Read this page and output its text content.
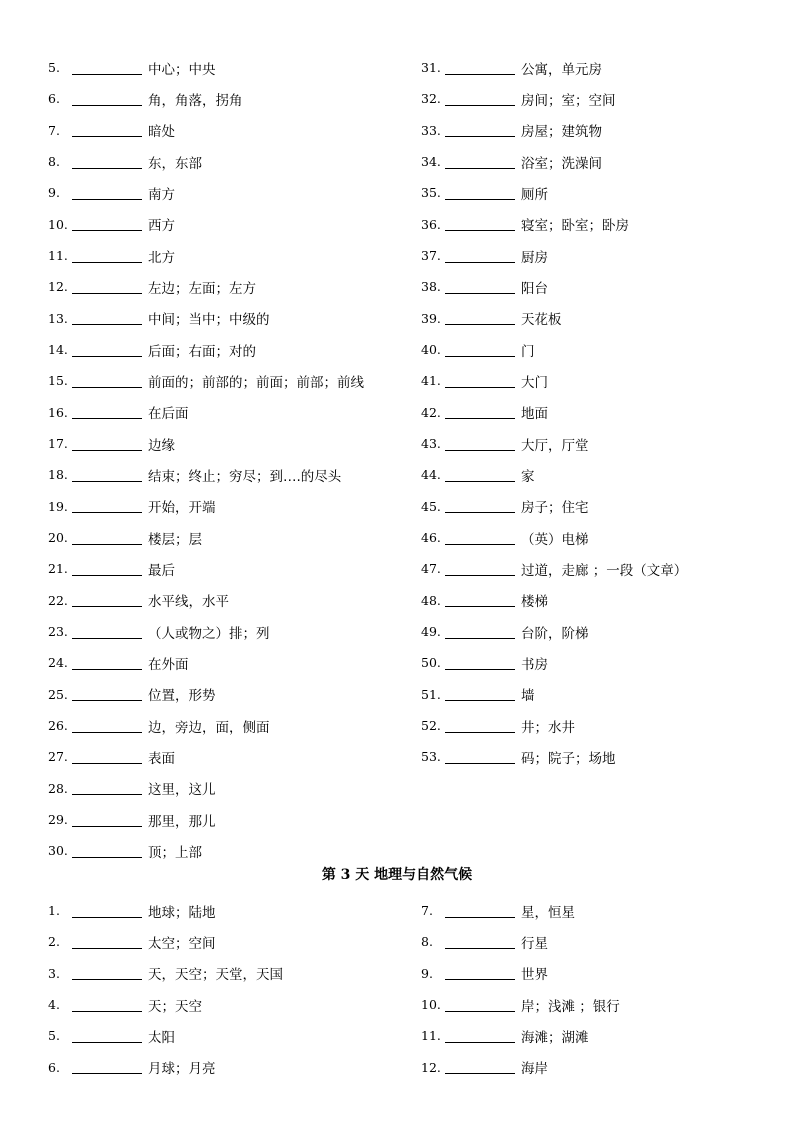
5.	中心；中央
6.	角，角落，拐角
7.	暗处
8.	东，东部
9.	南方
10.	西方
11.	北方
12.	左边；左面；左方
13.	中间；当中；中级的
14.	后面；右面；对的
15.	前面的；前部的；前面；前部；前线
16.	在后面
17.	边缘
18.	结束；终止；穷尽；到….的尽头
19.	开始，开端
20.	楼层；层
21.	最后
22.	水平线，水平
23.	（人或物之）排；列
24.	在外面
25.	位置，形势
26.	边，旁边，面，侧面
27.	表面
28.	这里，这儿
29.	那里，那儿
30.	顶；上部
31.	公寓，单元房
32.	房间；室；空间
33.	房屋；建筑物
34.	浴室；洗澡间
35.	厕所
36.	寝室；卧室；卧房
37.	厨房
38.	阳台
39.	天花板
40.	门
41.	大门
42.	地面
43.	大厅，厅堂
44.	家
45.	房子；住宅
46.	（英）电梯
47.	过道，走廊 ；一段（文章）
48.	楼梯
49.	台阶，阶梯
50.	书房
51.	墙
52.	井；水井
53.	码；院子；场地
第 3 天 地理与自然气候
1.	地球；陆地
2.	太空；空间
3.	天，天空；天堂，天国
4.	天；天空
5.	太阳
6.	月球；月亮
7.	星，恒星
8.	行星
9.	世界
10.	岸；浅滩 ；银行
11.	海滩；湖滩
12.	海岸
